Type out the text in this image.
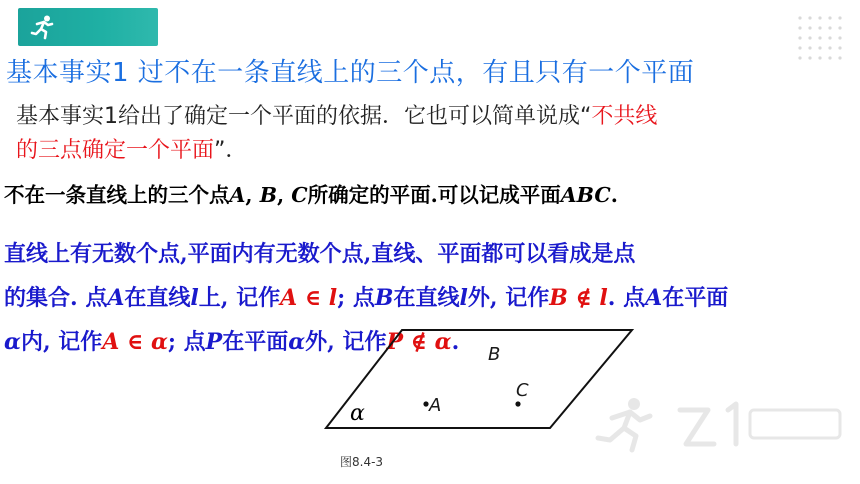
基本事实1 过不在一条直线上的三个点，有且只有一个平面
基本事实1给出了确定一个平面的依据．它也可以简单说成“不共线
的三点确定一个平面”．
不在一条直线上的三个点A, B, C所确定的平面.可以记成平面ABC.
直线上有无数个点,平面内有无数个点,直线、平面都可以看成是点
的集合. 点A在直线l上, 记作A ∈ l; 点B在直线l外, 记作B ∉ l. 点A在平面
α内, 记作A ∈ α; 点P在平面α外, 记作P ∉ α.
α	A
B
C
图8.4-3
